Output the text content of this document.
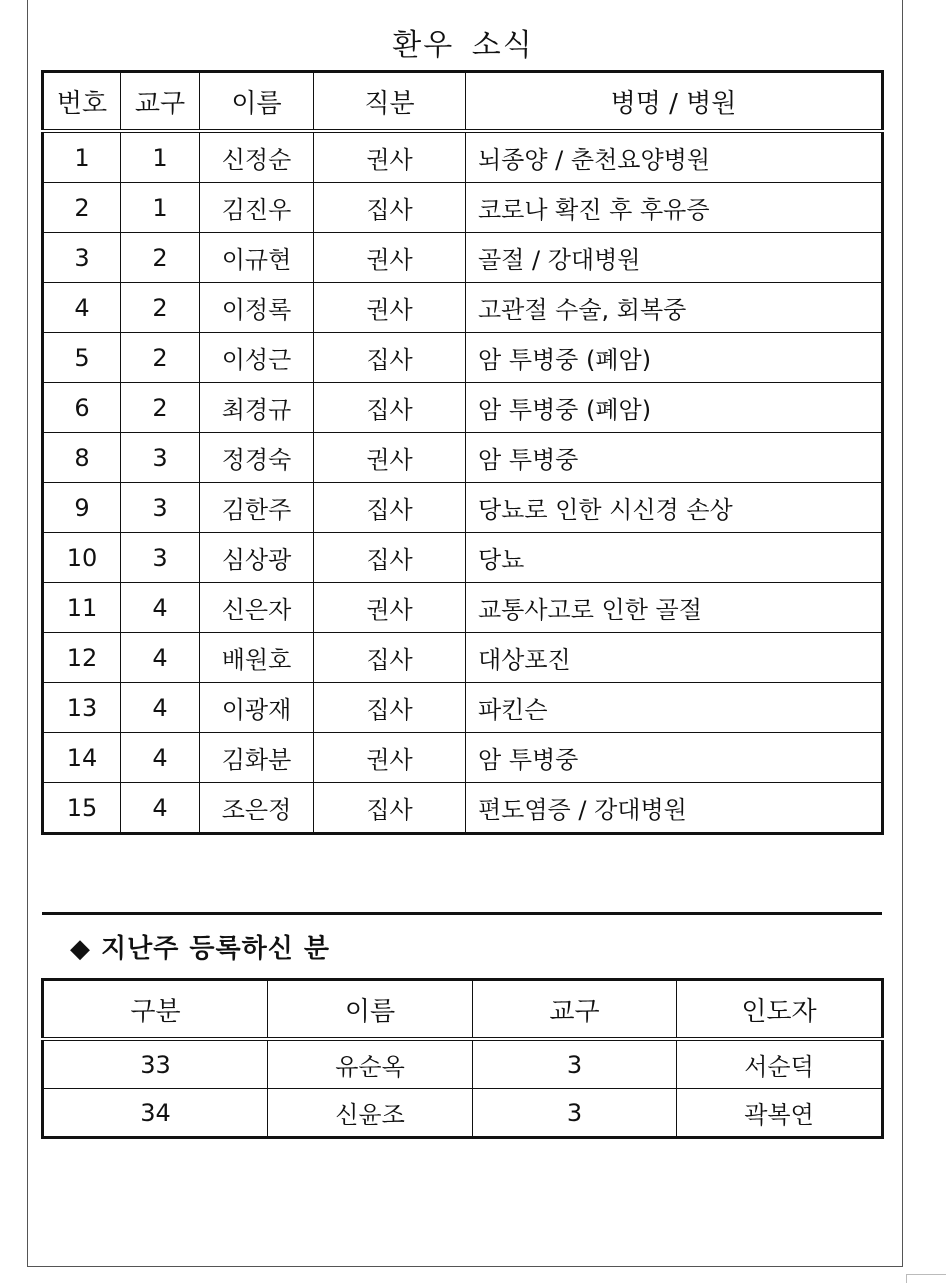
환우 소식
번호	교구	이름	직분	병명 / 병원
1	1	신정순	권사	뇌종양 / 춘천요양병원
2	1	김진우	집사	코로나 확진 후 후유증
3	2	이규현	권사	골절 / 강대병원
4	2	이정록	권사	고관절 수술, 회복중
5	2	이성근	집사	암 투병중 (폐암)
6	2	최경규	집사	암 투병중 (폐암)
8	3	정경숙	권사	암 투병중
9	3	김한주	집사	당뇨로 인한 시신경 손상
10	3	심상광	집사	당뇨
11	4	신은자	권사	교통사고로 인한 골절
12	4	배원호	집사	대상포진
13	4	이광재	집사	파킨슨
14	4	김화분	권사	암 투병중
15	4	조은정	집사	편도염증 / 강대병원
◆ 지난주 등록하신 분
구분	이름	교구	인도자
33	유순옥	3	서순덕
34	신윤조	3	곽복연
